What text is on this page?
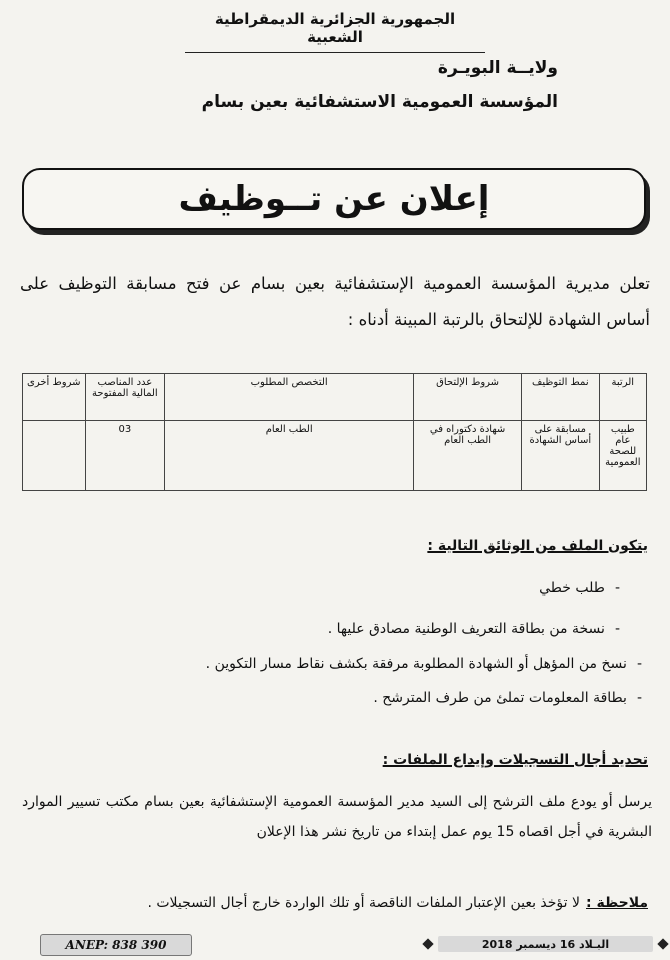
الجمهورية الجزائرية الديمقراطية الشعبية
ولايــة البويـرة
المؤسسة العمومية الاستشفائية بعين بسام
إعلان عن تــوظيف
تعلن مديرية المؤسسة العمومية الإستشفائية بعين بسام عن فتح مسابقة التوظيف على أساس الشهادة للإلتحاق بالرتبة المبينة أدناه :
الرتبة	نمط التوظيف	شروط الإلتحاق	التخصص المطلوب	عدد المناصب المالية المفتوحة	شروط أخرى
طبيب عام للصحة العمومية	مسابقة على أساس الشهادة	شهادة دكتوراه في الطب العام	الطب العام	03	
يتكون الملف من الوثائق التالية :
-طلب خطي
-نسخة من بطاقة التعريف الوطنية مصادق عليها .
-نسخ من المؤهل أو الشهادة المطلوبة مرفقة بكشف نقاط مسار التكوين .
-بطاقة المعلومات تملئ من طرف المترشح .
تحديد أجال التسجيلات وإيداع الملفات :
يرسل أو يودع ملف الترشح إلى السيد مدير المؤسسة العمومية الإستشفائية بعين بسام مكتب تسيير الموارد البشرية في أجل اقصاه 15 يوم عمل إبتداء من تاريخ نشر هذا الإعلان
ملاحظة :لا تؤخذ بعين الإعتبار الملفات الناقصة أو تلك الواردة خارج أجال التسجيلات .
ANEP: 838 390	البـلاد 16 ديسمبر 2018
